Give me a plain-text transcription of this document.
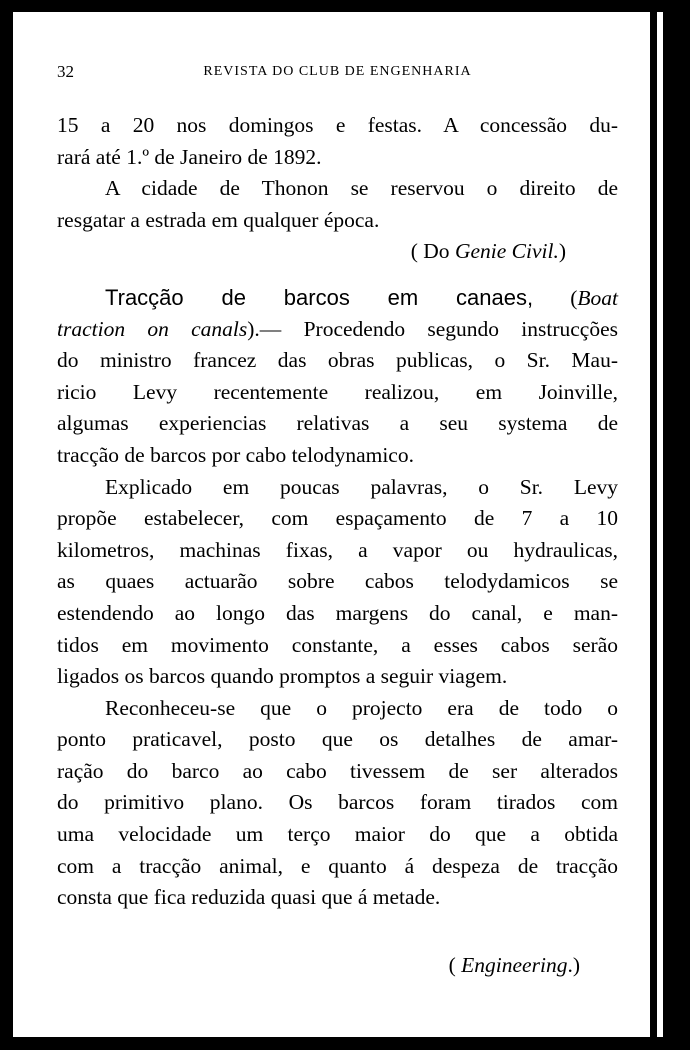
32	REVISTA DO CLUB DE ENGENHARIA
15 a 20 nos domingos e festas. A concessão du-
rará até 1.º de Janeiro de 1892.
A cidade de Thonon se reservou o direito de
resgatar a estrada em qualquer época.
( Do Genie Civil.)
Tracção de barcos em canaes, (Boat
traction on canals).— Procedendo segundo instrucções
do ministro francez das obras publicas, o Sr. Mau-
ricio Levy recentemente realizou, em Joinville,
algumas experiencias relativas a seu systema de
tracção de barcos por cabo telodynamico.
Explicado em poucas palavras, o Sr. Levy
propõe estabelecer, com espaçamento de 7 a 10
kilometros, machinas fixas, a vapor ou hydraulicas,
as quaes actuarão sobre cabos telodydamicos se
estendendo ao longo das margens do canal, e man-
tidos em movimento constante, a esses cabos serão
ligados os barcos quando promptos a seguir viagem.
Reconheceu-se que o projecto era de todo o
ponto praticavel, posto que os detalhes de amar-
ração do barco ao cabo tivessem de ser alterados
do primitivo plano. Os barcos foram tirados com
uma velocidade um terço maior do que a obtida
com a tracção animal, e quanto á despeza de tracção
consta que fica reduzida quasi que á metade.
( Engineering.)
